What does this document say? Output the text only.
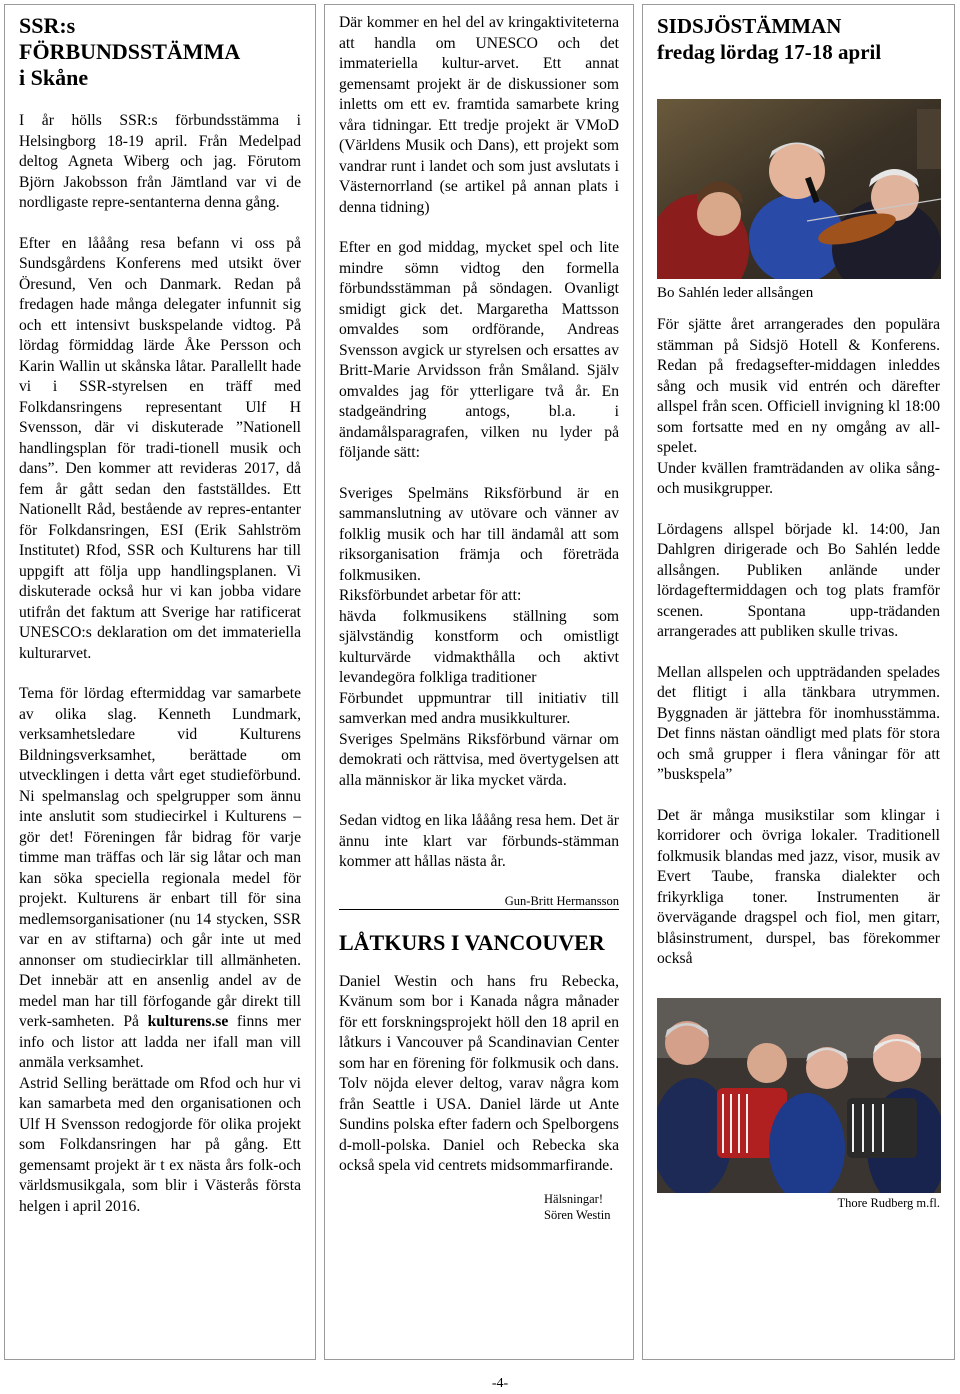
SSR:s FÖRBUNDSSTÄMMA
i Skåne

I år hölls SSR:s förbundsstämma i Helsingborg 18-19 april. Från Medelpad deltog Agneta Wiberg och jag. Förutom Björn Jakobsson från Jämtland var vi de nordligaste repre-sentanterna denna gång.

Efter en lååång resa befann vi oss på Sundsgårdens Konferens med utsikt över Öresund, Ven och Danmark. Redan på fredagen hade många delegater infunnit sig och ett intensivt buskspelande vidtog. På lördag förmiddag lärde Åke Persson och Karin Wallin ut skånska låtar. Parallellt hade vi i SSR-styrelsen en träff med Folkdansringens representant Ulf H Svensson, där vi diskuterade ”Nationell handlingsplan för tradi-tionell musik och dans”. Den kommer att revideras 2017, då fem år gått sedan den fastställdes. Ett Nationellt Råd, bestående av repres-entanter för Folkdansringen, ESI (Erik Sahlström Institutet) Rfod, SSR och Kulturens har till uppgift att följa upp handlingsplanen. Vi diskuterade också hur vi kan jobba vidare utifrån det faktum att Sverige har ratificerat UNESCO:s deklaration om det immateriella kulturarvet.

Tema för lördag eftermiddag var samarbete av olika slag. Kenneth Lundmark, verksamhetsledare vid Kulturens Bildningsverksamhet, berättade om utvecklingen i detta vårt eget studieförbund. Ni spelmanslag och spelgrupper som ännu inte anslutit som studiecirkel i Kulturens – gör det! Föreningen får bidrag för varje timme man träffas och lär sig låtar och man kan söka speciella regionala medel för projekt. Kulturens är enbart till för sina medlemsorganisationer (nu 14 stycken, SSR var en av stiftarna) och går inte ut med annonser om studiecirklar till allmänheten. Det innebär att en ansenlig andel av de medel man har till förfogande går direkt till verk-samheten. På kulturens.se finns mer info och listor att ladda ner ifall man vill anmäla verksamhet.

Astrid Selling berättade om Rfod och hur vi kan samarbeta med den organisationen och Ulf H Svensson redogjorde för olika projekt som Folkdansringen har på gång. Ett gemensamt projekt är t ex nästa års folk-och världsmusikgala, som blir i Västerås första helgen i april 2016.

Där kommer en hel del av kringaktiviteterna att handla om UNESCO och det immateriella kultur-arvet. Ett annat gemensamt projekt är de diskussioner som inletts om ett ev. framtida samarbete kring våra tidningar. Ett tredje projekt är VMoD (Världens Musik och Dans), ett projekt som vandrar runt i landet och som just avslutats i Västernorrland (se artikel på annan plats i denna tidning)

Efter en god middag, mycket spel och lite mindre sömn vidtog den formella förbundsstämman på söndagen. Ovanligt smidigt gick det. Margaretha Mattsson omvaldes som ordförande, Andreas Svensson avgick ur styrelsen och ersattes av Britt-Marie Arvidsson från Småland. Själv omvaldes jag för ytterligare två år. En stadgeändring antogs, bl.a. i ändamålsparagrafen, vilken nu lyder på följande sätt:

Sveriges Spelmäns Riksförbund är en sammanslutning av utövare och vänner av folklig musik och har till ändamål att som riksorganisation främja och företräda folkmusiken.

Riksförbundet arbetar för att:

hävda folkmusikens ställning som självständig konstform och omistligt kulturvärde vidmakthålla och aktivt levandegöra folkliga traditioner

Förbundet uppmuntrar till initiativ till samverkan med andra musikkulturer.

Sveriges Spelmäns Riksförbund värnar om demokrati och rättvisa, med övertygelsen att alla människor är lika mycket värda.

Sedan vidtog en lika lååång resa hem. Det är ännu inte klart var förbunds-stämman kommer att hållas nästa år.

Gun-Britt Hermansson
LÅTKURS I VANCOUVER

Daniel Westin och hans fru Rebecka, Kvänum som bor i Kanada några månader för ett forskningsprojekt höll den 18 april en låtkurs i Vancouver på Scandinavian Center som har en förening för folkmusik och dans. Tolv nöjda elever deltog, varav några kom från Seattle i USA. Daniel lärde ut Ante Sundins polska efter fadern och Spelborgens d-moll-polska. Daniel och Rebecka ska också spela vid centrets midsommarfirande.

Hälsningar!
Sören Westin
SIDSJÖSTÄMMAN
fredag lördag 17-18 april
Bo Sahlén leder allsången

För sjätte året arrangerades den populära stämman på Sidsjö Hotell & Konferens. Redan på fredagsefter-middagen inleddes sång och musik vid entrén och därefter allspel från scen. Officiell invigning kl 18:00 som fortsatte med en ny omgång av all-spelet.

Under kvällen framträdanden av olika sång- och musikgrupper.

Lördagens allspel började kl. 14:00, Jan Dahlgren dirigerade och Bo Sahlén ledde allsången. Publiken anlände under lördageftermiddagen och tog plats framför scenen. Spontana upp-trädanden arrangerades att publiken skulle trivas.

Mellan allspelen och uppträdanden spelades det flitigt i alla tänkbara utrymmen. Byggnaden är jättebra för inomhusstämma. Det finns nästan oändligt med plats för stora och små grupper i flera våningar för att ”buskspela”

Det är många musikstilar som klingar i korridorer och övriga lokaler. Traditionell folkmusik blandas med jazz, visor, musik av Evert Taube, franska dialekter och frikyrkliga toner. Instrumenten är övervägande dragspel och fiol, men gitarr, blåsinstrument, durspel, bas förekommer också

Thore Rudberg m.fl.
-4-
